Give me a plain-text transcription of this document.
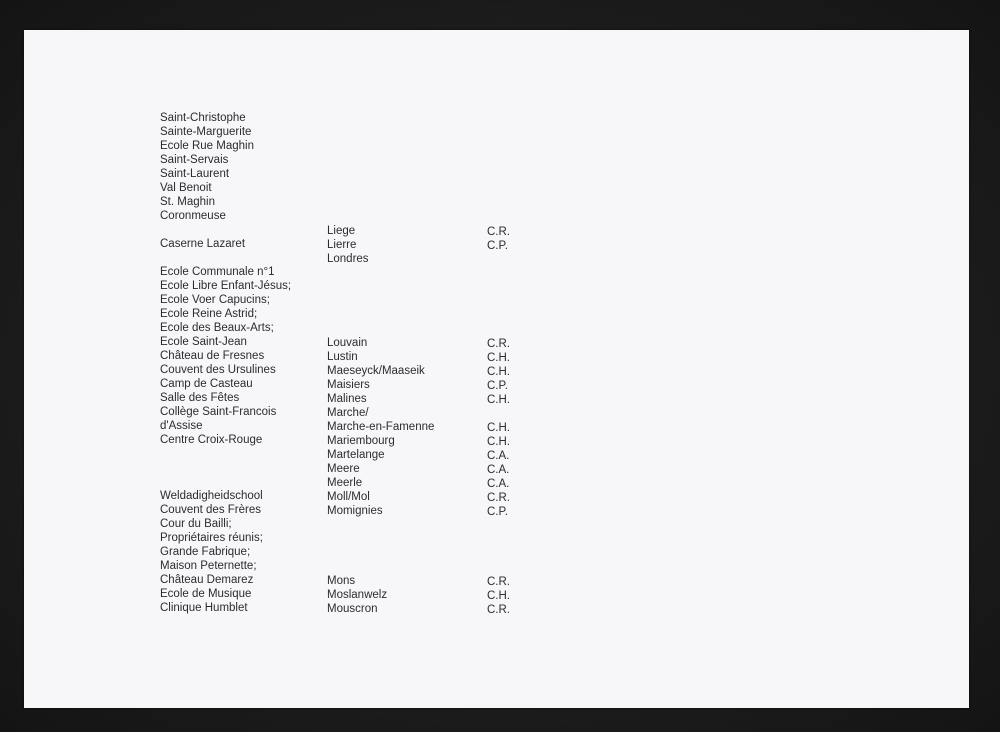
Saint-Christophe

Sainte-Marguerite

Ecole Rue Maghin

Saint-Servais

Saint-Laurent

Val Benoit

St. Maghin

Coronmeuse

Caserne Lazaret

Ecole Communale n°1

Ecole Libre Enfant-Jésus;

Ecole Voer Capucins;

Ecole Reine Astrid;

Ecole des Beaux-Arts;

Ecole Saint-Jean

Château de Fresnes

Couvent des Ursulines

Camp de Casteau

Salle des Fêtes

Collège Saint-Francois

d'Assise

Centre Croix-Rouge

Weldadigheidschool

Couvent des Frères

Cour du Bailli;

Propriétaires réunis;

Grande Fabrique;

Maison Peternette;

Château Demarez

Ecole de Musique

Clinique Humblet

Liege

Lierre

Londres

Louvain

Lustin

Maeseyck/Maaseik

Maisiers

Malines

Marche/

Marche-en-Famenne

Mariembourg

Martelange

Meere

Meerle

Moll/Mol

Momignies

Mons

Moslanwelz

Mouscron

C.R.

C.P.

C.R.

C.H.

C.H.

C.P.

C.H.

C.H.

C.H.

C.A.

C.A.

C.A.

C.R.

C.P.

C.R.

C.H.

C.R.
